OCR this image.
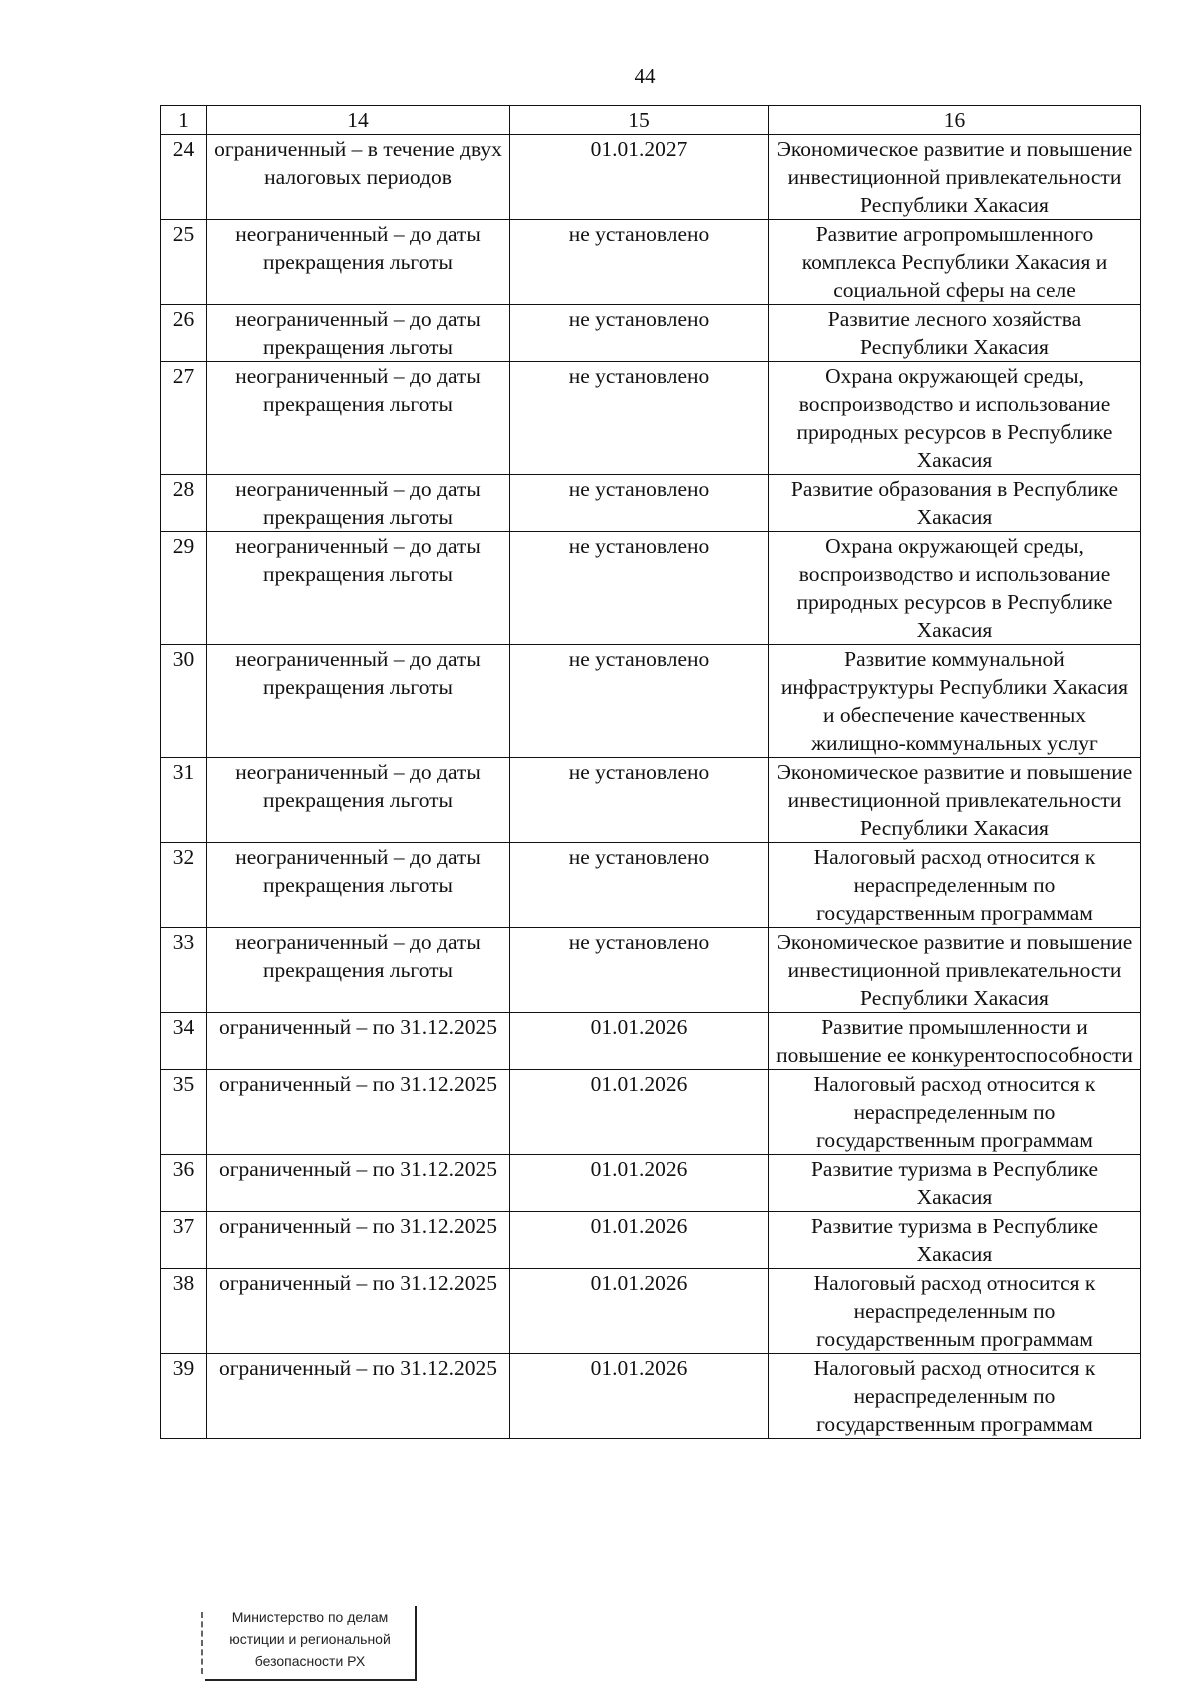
44
1	14	15	16
24	ограниченный – в течение двух налоговых периодов	01.01.2027	Экономическое развитие и повышение инвестиционной привлекательности Республики Хакасия
25	неограниченный – до даты прекращения льготы	не установлено	Развитие агропромышленного комплекса Республики Хакасия и социальной сферы на селе
26	неограниченный – до даты прекращения льготы	не установлено	Развитие лесного хозяйства Республики Хакасия
27	неограниченный – до даты прекращения льготы	не установлено	Охрана окружающей среды, воспроизводство и использование природных ресурсов в Республике Хакасия
28	неограниченный – до даты прекращения льготы	не установлено	Развитие образования в Республике Хакасия
29	неограниченный – до даты прекращения льготы	не установлено	Охрана окружающей среды, воспроизводство и использование природных ресурсов в Республике Хакасия
30	неограниченный – до даты прекращения льготы	не установлено	Развитие коммунальной инфраструктуры Республики Хакасия и обеспечение качественных жилищно-коммунальных услуг
31	неограниченный – до даты прекращения льготы	не установлено	Экономическое развитие и повышение инвестиционной привлекательности Республики Хакасия
32	неограниченный – до даты прекращения льготы	не установлено	Налоговый расход относится к нераспределенным по государственным программам
33	неограниченный – до даты прекращения льготы	не установлено	Экономическое развитие и повышение инвестиционной привлекательности Республики Хакасия
34	ограниченный – по 31.12.2025	01.01.2026	Развитие промышленности и повышение ее конкурентоспособности
35	ограниченный – по 31.12.2025	01.01.2026	Налоговый расход относится к нераспределенным по государственным программам
36	ограниченный – по 31.12.2025	01.01.2026	Развитие туризма в Республике Хакасия
37	ограниченный – по 31.12.2025	01.01.2026	Развитие туризма в Республике Хакасия
38	ограниченный – по 31.12.2025	01.01.2026	Налоговый расход относится к нераспределенным по государственным программам
39	ограниченный – по 31.12.2025	01.01.2026	Налоговый расход относится к нераспределенным по государственным программам
Министерство по делам
юстиции и региональной
безопасности РХ
